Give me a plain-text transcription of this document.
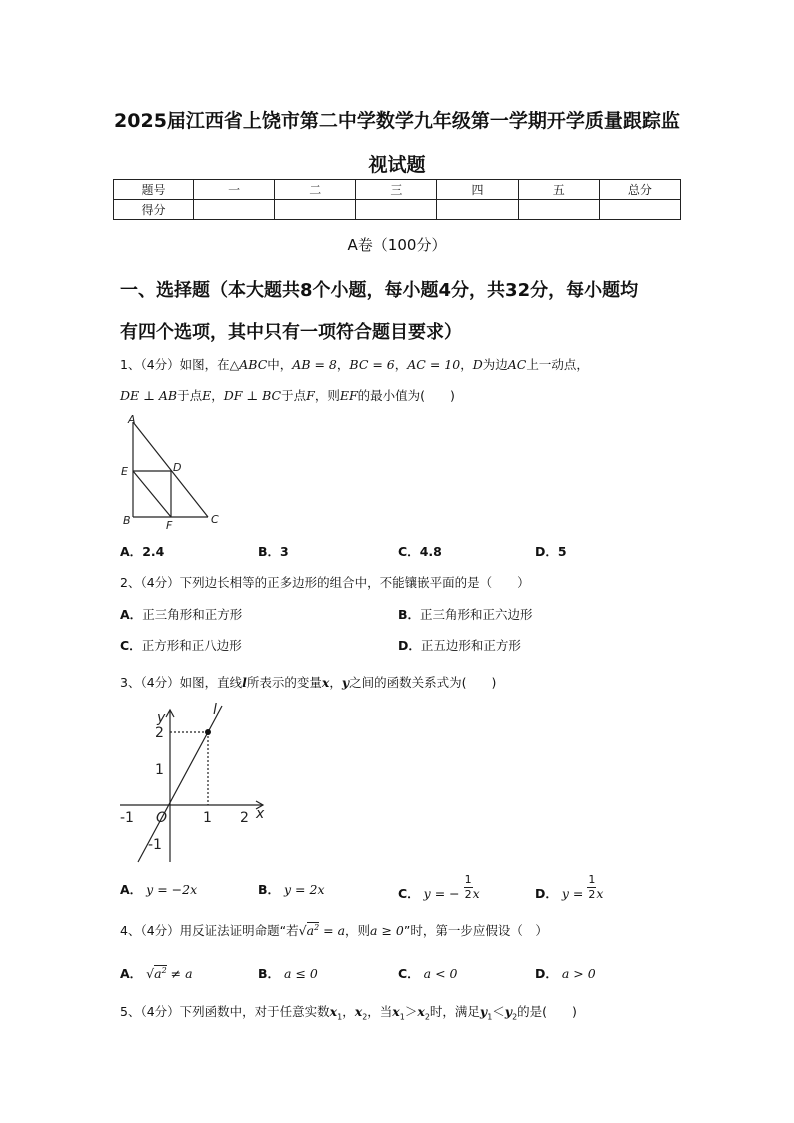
2025届江西省上饶市第二中学数学九年级第一学期开学质量跟踪监
视试题
题号	一	二	三	四	五	总分
得分						
A卷（100分）
一、选择题（本大题共8个小题，每小题4分，共32分，每小题均
有四个选项，其中只有一项符合题目要求）
1、（4分）如图，在△ABC中，AB = 8，BC = 6，AC = 10，D为边AC上一动点，
DE ⊥ AB于点E，DF ⊥ BC于点F，则EF的最小值为(　　)
A
E	D
B	F	C
A．2.4	B．3	C．4.8	D．5
2、（4分）下列边长相等的正多边形的组合中，不能镶嵌平面的是（　　）
A．正三角形和正方形	B．正三角形和正六边形
C．正方形和正八边形	D．正五边形和正方形
3、（4分）如图，直线l所表示的变量x，y之间的函数关系式为(　　)
y	l
2
1
-1
-1 O	1 2 x
A． y = −2x	B． y = 2x	C． y = − $\frac{1}{2}$ x	D． $y = \frac{1}{2}$ x
4、（4分）用反证法证明命题“若$√a^2 = a$，则a ≥ 0”时，第一步应假设（　）
A． $√a^2 \ne a$	B． a ≤ 0	C． a < 0	D． a > 0
5、（4分）下列函数中，对于任意实数$x_1$，$x_2$，当$x_1>x_2$时，满足$y_1<y_2$的是(　　)
